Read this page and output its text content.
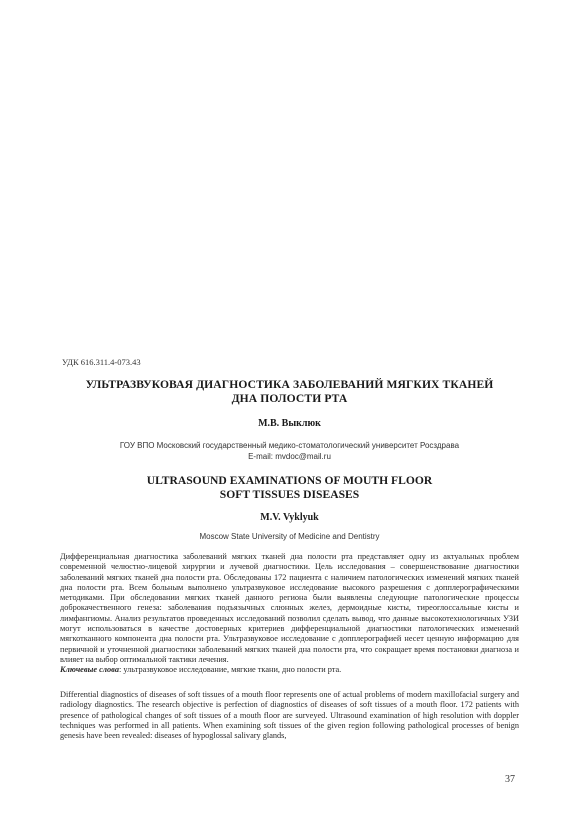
УДК 616.311.4-073.43
УЛЬТРАЗВУКОВАЯ ДИАГНОСТИКА ЗАБОЛЕВАНИЙ МЯГКИХ ТКАНЕЙ
ДНА ПОЛОСТИ РТА
М.В. Выклюк
ГОУ ВПО Московский государственный медико-стоматологический университет Росздрава
E-mail: mvdoc@mail.ru
ULTRASOUND EXAMINATIONS OF MOUTH FLOOR
SOFT TISSUES DISEASES
M.V. Vyklyuk
Moscow State University of Medicine and Dentistry

Дифференциальная диагностика заболеваний мягких тканей дна полости рта представляет одну из актуальных проблем современной челюстно-лицевой хирургии и лучевой диагностики. Цель исследования – совершенствование диагностики заболеваний мягких тканей дна полости рта. Обследованы 172 пациента с наличием патологических изменений мягких тканей дна полости рта. Всем больным выполнено ультразвуковое исследование высокого разрешения с допплерографическими методиками. При обследовании мягких тканей данного региона были выявлены следующие патологические процессы доброкачественного генеза: заболевания подъязычных слюнных желез, дермоидные кисты, тиреоглоссальные кисты и лимфангиомы. Анализ результатов проведенных исследований позволил сделать вывод, что данные высокотехнологичных УЗИ могут использоваться в качестве достоверных критериев дифференциальной диагностики патологических изменений мягкотканного компонента дна полости рта. Ультразвуковое исследование с допплерографией несет ценную информацию для первичной и уточненной диагностики заболеваний мягких тканей дна полости рта, что сокращает время постановки диагноза и влияет на выбор оптимальной тактики лечения.

Ключевые слова: ультразвуковое исследование, мягкие ткани, дно полости рта.

Differential diagnostics of diseases of soft tissues of a mouth floor represents one of actual problems of modern maxillofacial surgery and radiology diagnostics. The research objective is perfection of diagnostics of diseases of soft tissues of a mouth floor. 172 patients with presence of pathological changes of soft tissues of a mouth floor are surveyed. Ultrasound examination of high resolution with doppler techniques was performed in all patients. When examining soft tissues of the given region following pathological processes of benign genesis have been revealed: diseases of hypoglossal salivary glands,

37
